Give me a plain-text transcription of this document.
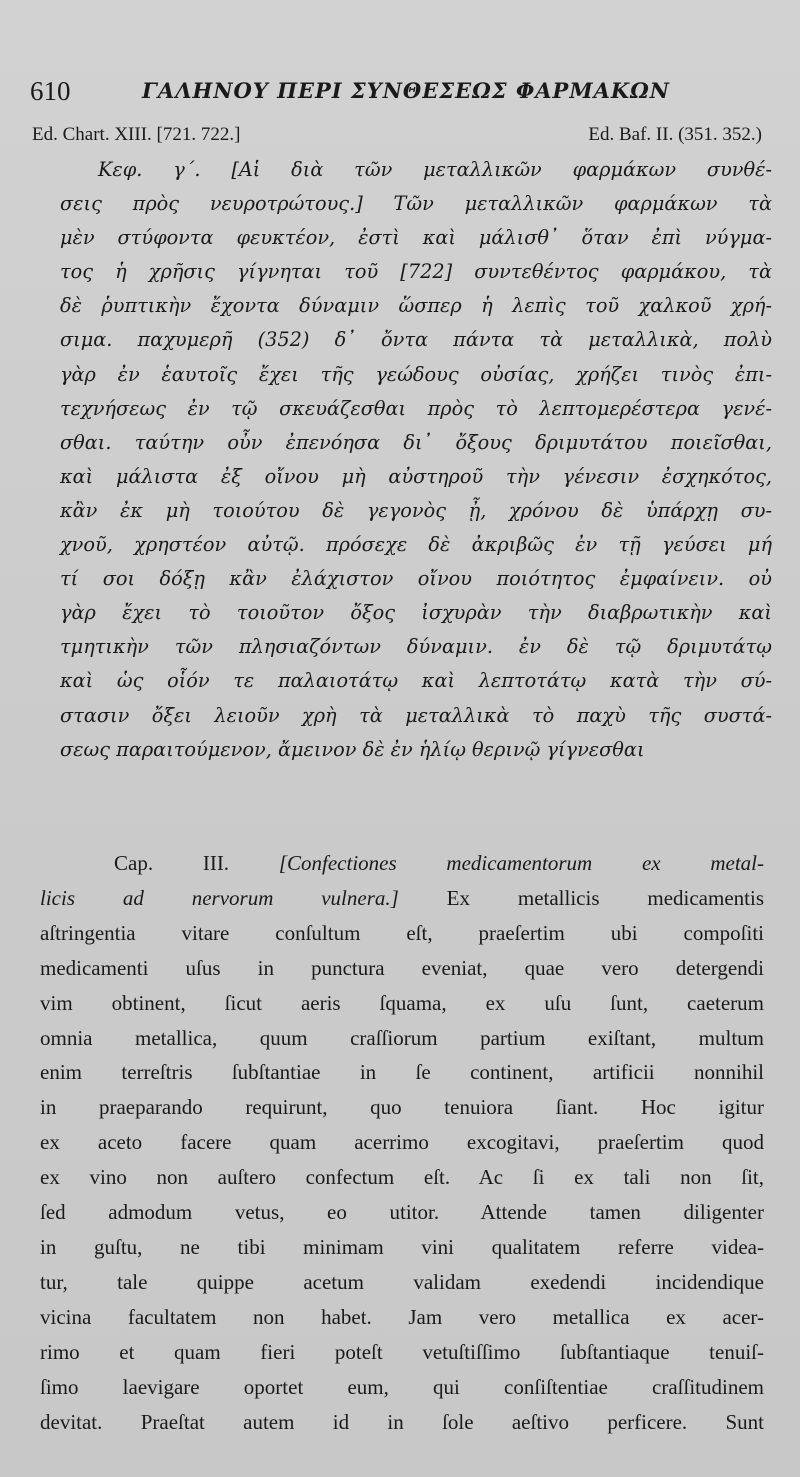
610	ΓΑΛΗΝΟΥ ΠΕΡΙ ΣΥΝΘΕΣΕΩΣ ΦΑΡΜΑΚΩΝ
Ed. Chart. XIII. [721. 722.]	Ed. Baf. II. (351. 352.)
Κεφ. γ΄. [Αἱ διὰ τῶν μεταλλικῶν φαρμάκων συνθέ-
σεις πρὸς νευροτρώτους.] Τῶν μεταλλικῶν φαρμάκων τὰ
μὲν στύφοντα φευκτέον, ἐστὶ καὶ μάλισθ᾽ ὅταν ἐπὶ νύγμα-
τος ἡ χρῆσις γίγνηται τοῦ [722] συντεθέντος φαρμάκου, τὰ
δὲ ῥυπτικὴν ἔχοντα δύναμιν ὥσπερ ἡ λεπὶς τοῦ χαλκοῦ χρή-
σιμα. παχυμερῆ (352) δ᾽ ὄντα πάντα τὰ μεταλλικὰ, πολὺ
γὰρ ἐν ἑαυτοῖς ἔχει τῆς γεώδους οὐσίας, χρήζει τινὸς ἐπι-
τεχνήσεως ἐν τῷ σκευάζεσθαι πρὸς τὸ λεπτομερέστερα γενέ-
σθαι. ταύτην οὖν ἐπενόησα δι᾽ ὄξους δριμυτάτου ποιεῖσθαι,
καὶ μάλιστα ἐξ οἴνου μὴ αὐστηροῦ τὴν γένεσιν ἐσχηκότος,
κἂν ἐκ μὴ τοιούτου δὲ γεγονὸς ᾖ, χρόνου δὲ ὑπάρχῃ συ-
χνοῦ, χρηστέον αὐτῷ. πρόσεχε δὲ ἀκριβῶς ἐν τῇ γεύσει μή
τί σοι δόξῃ κἂν ἐλάχιστον οἴνου ποιότητος ἐμφαίνειν. οὐ
γὰρ ἔχει τὸ τοιοῦτον ὄξος ἰσχυρὰν τὴν διαβρωτικὴν καὶ
τμητικὴν τῶν πλησιαζόντων δύναμιν. ἐν δὲ τῷ δριμυτάτῳ
καὶ ὡς οἷόν τε παλαιοτάτῳ καὶ λεπτοτάτῳ κατὰ τὴν σύ-
στασιν ὄξει λειοῦν χρὴ τὰ μεταλλικὰ τὸ παχὺ τῆς συστά-
σεως παραιτούμενον, ἄμεινον δὲ ἐν ἡλίῳ θερινῷ γίγνεσθαι
Cap. III. [Confectiones medicamentorum ex metal-
licis ad nervorum vulnera.] Ex metallicis medicamentis
aſtringentia vitare conſultum eſt, praeſertim ubi compoſiti
medicamenti uſus in punctura eveniat, quae vero detergendi
vim obtinent, ſicut aeris ſquama, ex uſu ſunt, caeterum
omnia metallica, quum craſſiorum partium exiſtant, multum
enim terreſtris ſubſtantiae in ſe continent, artificii nonnihil
in praeparando requirunt, quo tenuiora ſiant. Hoc igitur
ex aceto facere quam acerrimo excogitavi, praeſertim quod
ex vino non auſtero confectum eſt. Ac ſi ex tali non ſit,
ſed admodum vetus, eo utitor. Attende tamen diligenter
in guſtu, ne tibi minimam vini qualitatem referre videa-
tur, tale quippe acetum validam exedendi incidendique
vicina facultatem non habet. Jam vero metallica ex acer-
rimo et quam fieri poteſt vetuſtiſſimo ſubſtantiaque tenuiſ-
ſimo laevigare oportet eum, qui conſiſtentiae craſſitudinem
devitat. Praeſtat autem id in ſole aeſtivo perficere. Sunt
